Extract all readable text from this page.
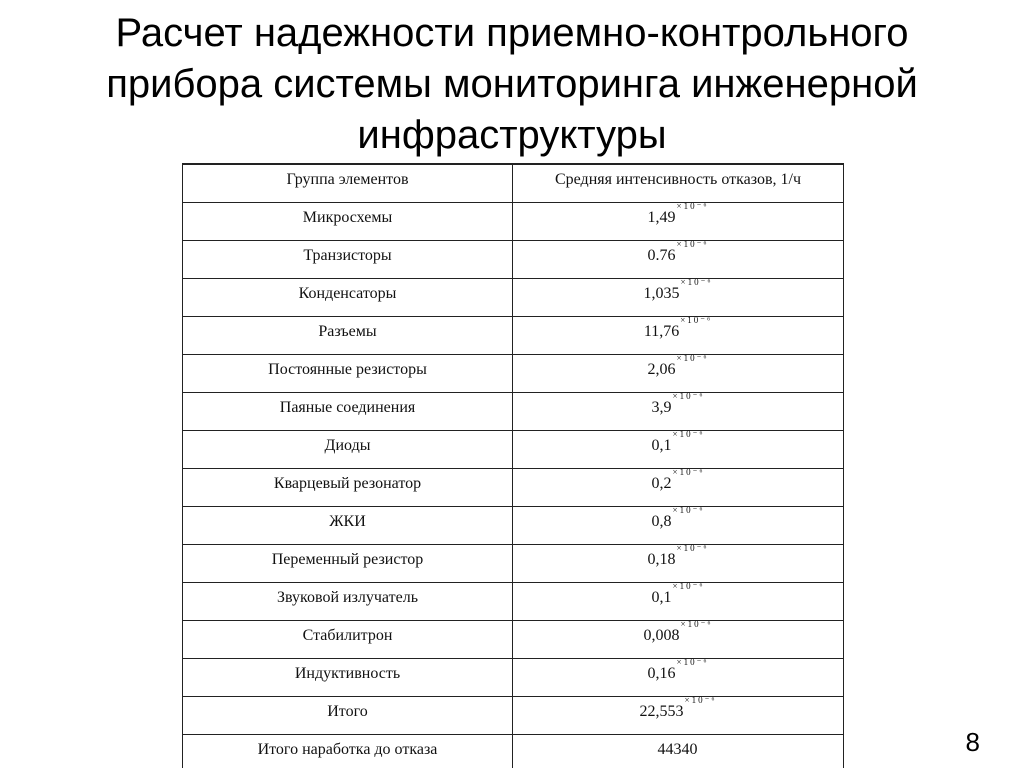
Расчет надежности приемно-контрольного
прибора системы мониторинга инженерной
инфраструктуры
Группа элементов	Средняя интенсивность отказов, 1/ч
Микросхемы	$1,49^{\times 10^{-6}}$
Транзисторы	$0.76^{\times 10^{-6}}$
Конденсаторы	$1,035^{\times 10^{-6}}$
Разъемы	$11,76^{\times 10^{-6}}$
Постоянные резисторы	$2,06^{\times 10^{-6}}$
Паяные соединения	$3,9^{\times 10^{-6}}$
Диоды	$0,1^{\times 10^{-6}}$
Кварцевый резонатор	$0,2^{\times 10^{-6}}$
ЖКИ	$0,8^{\times 10^{-6}}$
Переменный резистор	$0,18^{\times 10^{-6}}$
Звуковой излучатель	$0,1^{\times 10^{-6}}$
Стабилитрон	$0,008^{\times 10^{-6}}$
Индуктивность	$0,16^{\times 10^{-6}}$
Итого	$22,553^{\times 10^{-6}}$
Итого наработка до отказа	44340	8
